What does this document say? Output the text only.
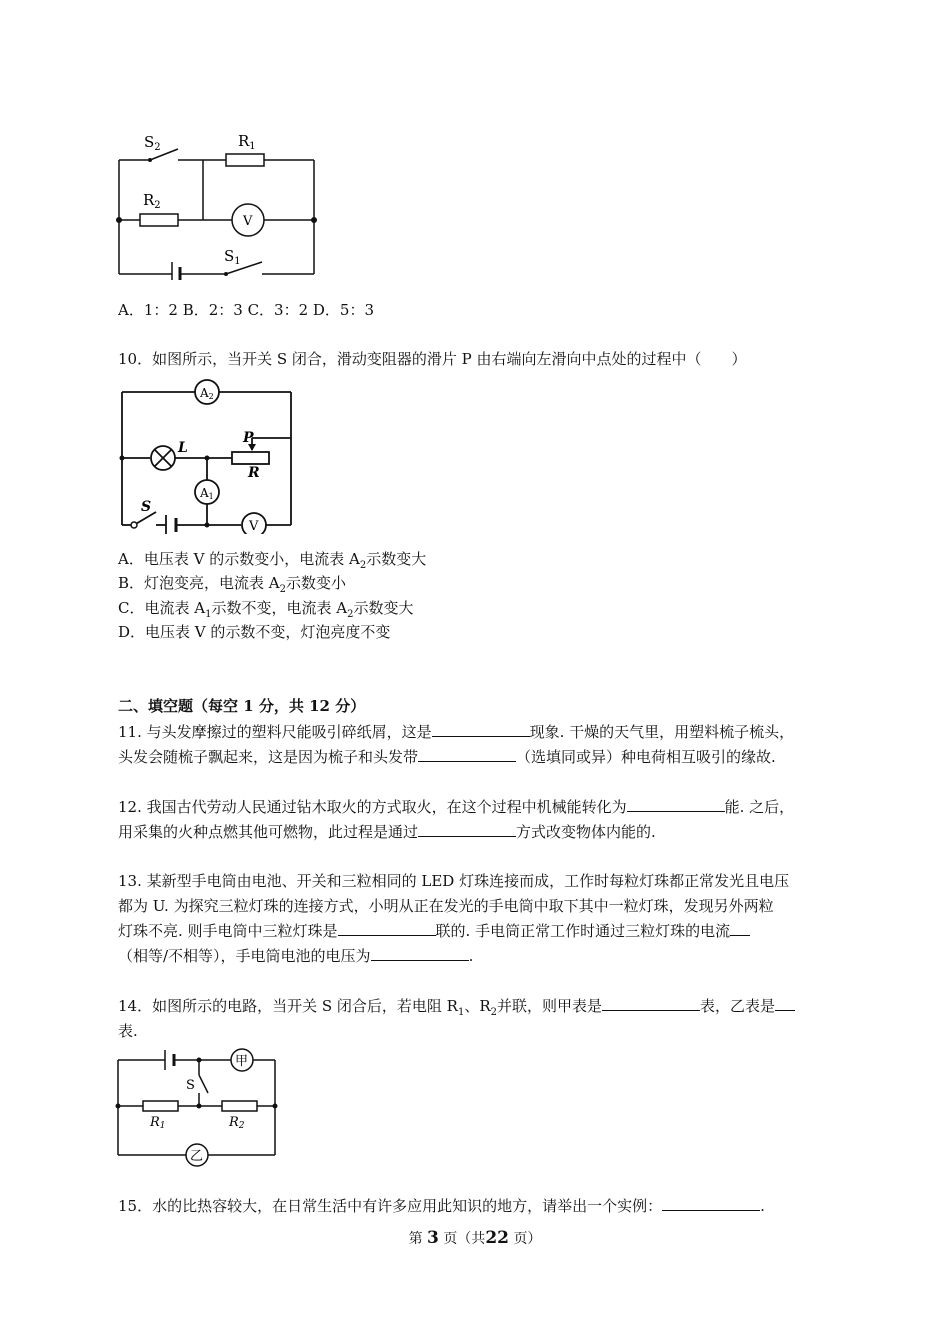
$S_2$	$R_1$
$R_2$
V
$S_1$
A．1：2 B．2：3 C．3：2 D．5：3
10．如图所示，当开关 S 闭合，滑动变阻器的滑片 P 由右端向左滑向中点处的过程中（　　）
A2
L
P
R
A1
S
V
A．电压表 V 的示数变小，电流表 $A_2$示数变大
B．灯泡变亮，电流表 $A_2$示数变小
C．电流表 $A_1$示数不变，电流表 $A_2$示数变大
D．电压表 V 的示数不变，灯泡亮度不变
二、填空题（每空 1 分，共 12 分）
11. 与头发摩擦过的塑料尺能吸引碎纸屑，这是	现象. 干燥的天气里，用塑料梳子梳头，
头发会随梳子飘起来，这是因为梳子和头发带	（选填同或异）种电荷相互吸引的缘故.
12. 我国古代劳动人民通过钻木取火的方式取火，在这个过程中机械能转化为	能. 之后，
用采集的火种点燃其他可燃物，此过程是通过	方式改变物体内能的.
13. 某新型手电筒由电池、开关和三粒相同的 LED 灯珠连接而成，工作时每粒灯珠都正常发光且电压
都为 U. 为探究三粒灯珠的连接方式，小明从正在发光的手电筒中取下其中一粒灯珠，发现另外两粒
灯珠不亮. 则手电筒中三粒灯珠是	联的. 手电筒正常工作时通过三粒灯珠的电流
（相等/不相等），手电筒电池的电压为	.
14．如图所示的电路，当开关 S 闭合后，若电阻 $R_1$、$R_2$并联，则甲表是	表，乙表是
表.
甲
S
R1	R2
乙
15．水的比热容较大，在日常生活中有许多应用此知识的地方，请举出一个实例：	.
第 3 页（共22 页）
